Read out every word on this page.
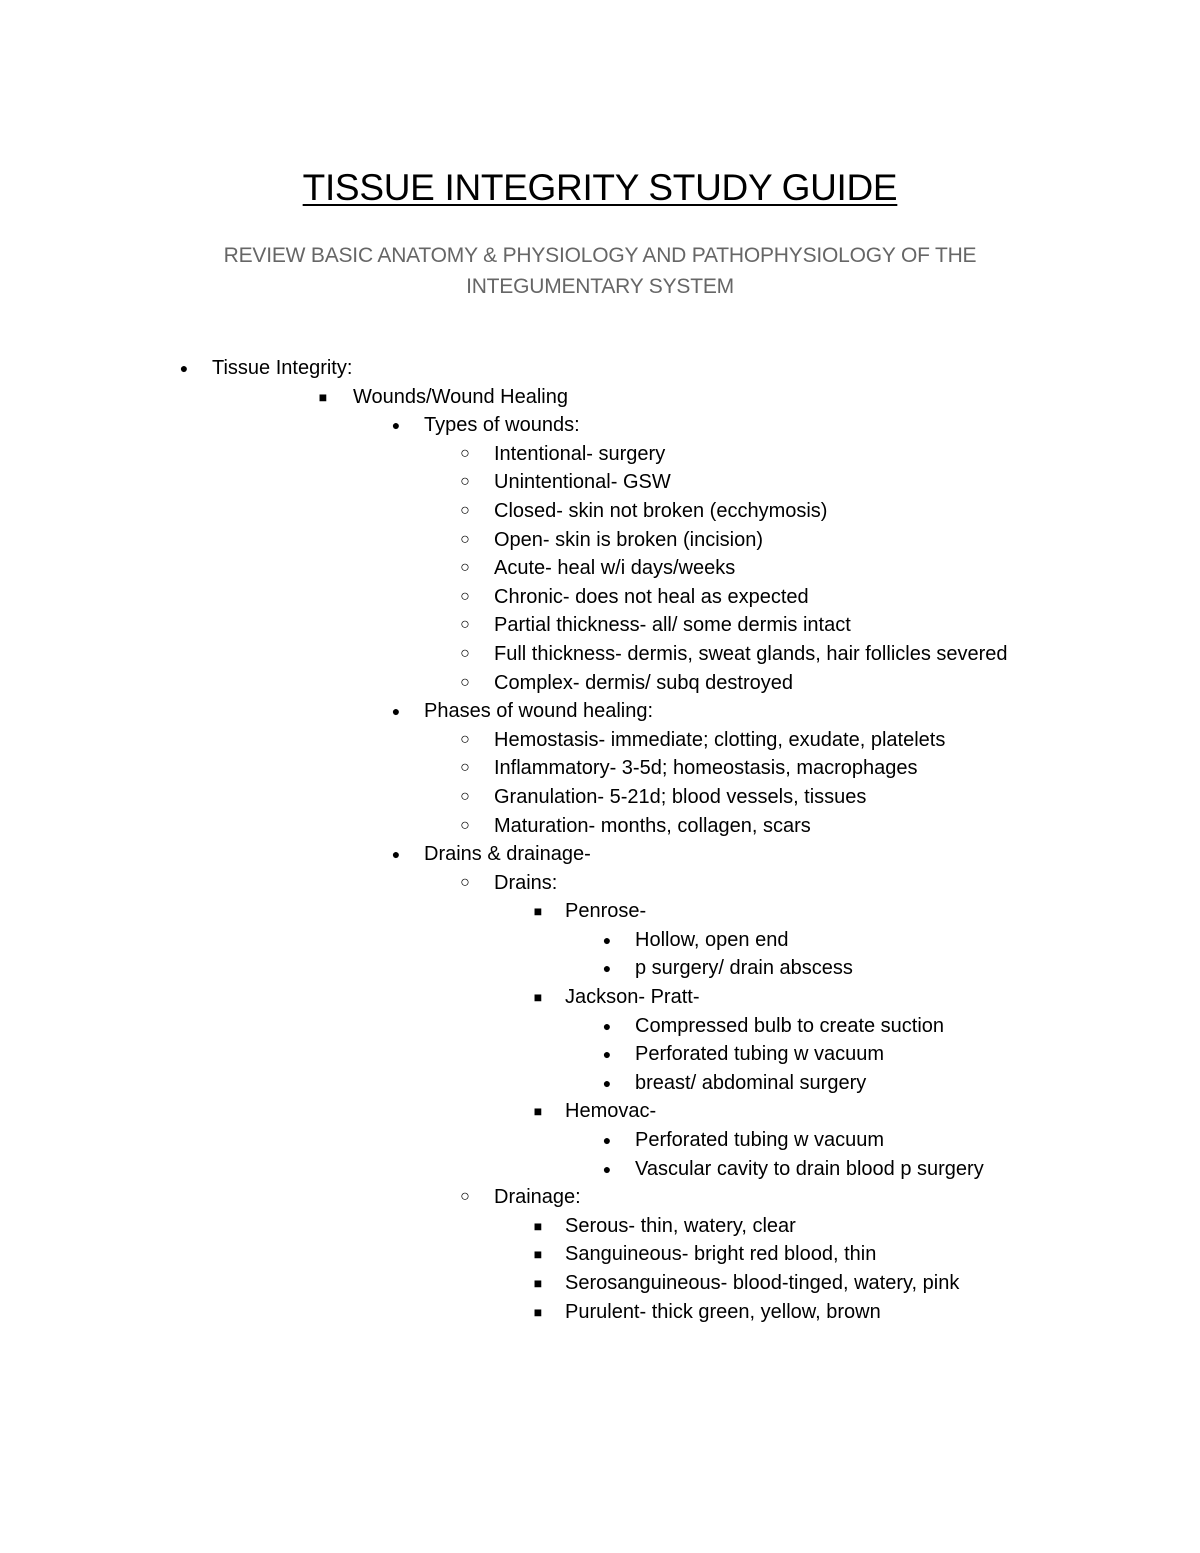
TISSUE INTEGRITY STUDY GUIDE
REVIEW BASIC ANATOMY & PHYSIOLOGY AND PATHOPHYSIOLOGY OF THE INTEGUMENTARY SYSTEM
● Tissue Integrity:
■ Wounds/Wound Healing
● Types of wounds:
○ Intentional- surgery
○ Unintentional- GSW
○ Closed- skin not broken (ecchymosis)
○ Open- skin is broken (incision)
○ Acute- heal w/i days/weeks
○ Chronic- does not heal as expected
○ Partial thickness- all/ some dermis intact
○ Full thickness- dermis, sweat glands, hair follicles severed
○ Complex- dermis/ subq destroyed
● Phases of wound healing:
○ Hemostasis- immediate; clotting, exudate, platelets
○ Inflammatory- 3-5d; homeostasis, macrophages
○ Granulation- 5-21d; blood vessels, tissues
○ Maturation- months, collagen, scars
● Drains & drainage-
○ Drains:
■ Penrose-
● Hollow, open end
● p surgery/ drain abscess
■ Jackson- Pratt-
● Compressed bulb to create suction
● Perforated tubing w vacuum
● breast/ abdominal surgery
■ Hemovac-
● Perforated tubing w vacuum
● Vascular cavity to drain blood p surgery
○ Drainage:
■ Serous- thin, watery, clear
■ Sanguineous- bright red blood, thin
■ Serosanguineous- blood-tinged, watery, pink
■ Purulent- thick green, yellow, brown
